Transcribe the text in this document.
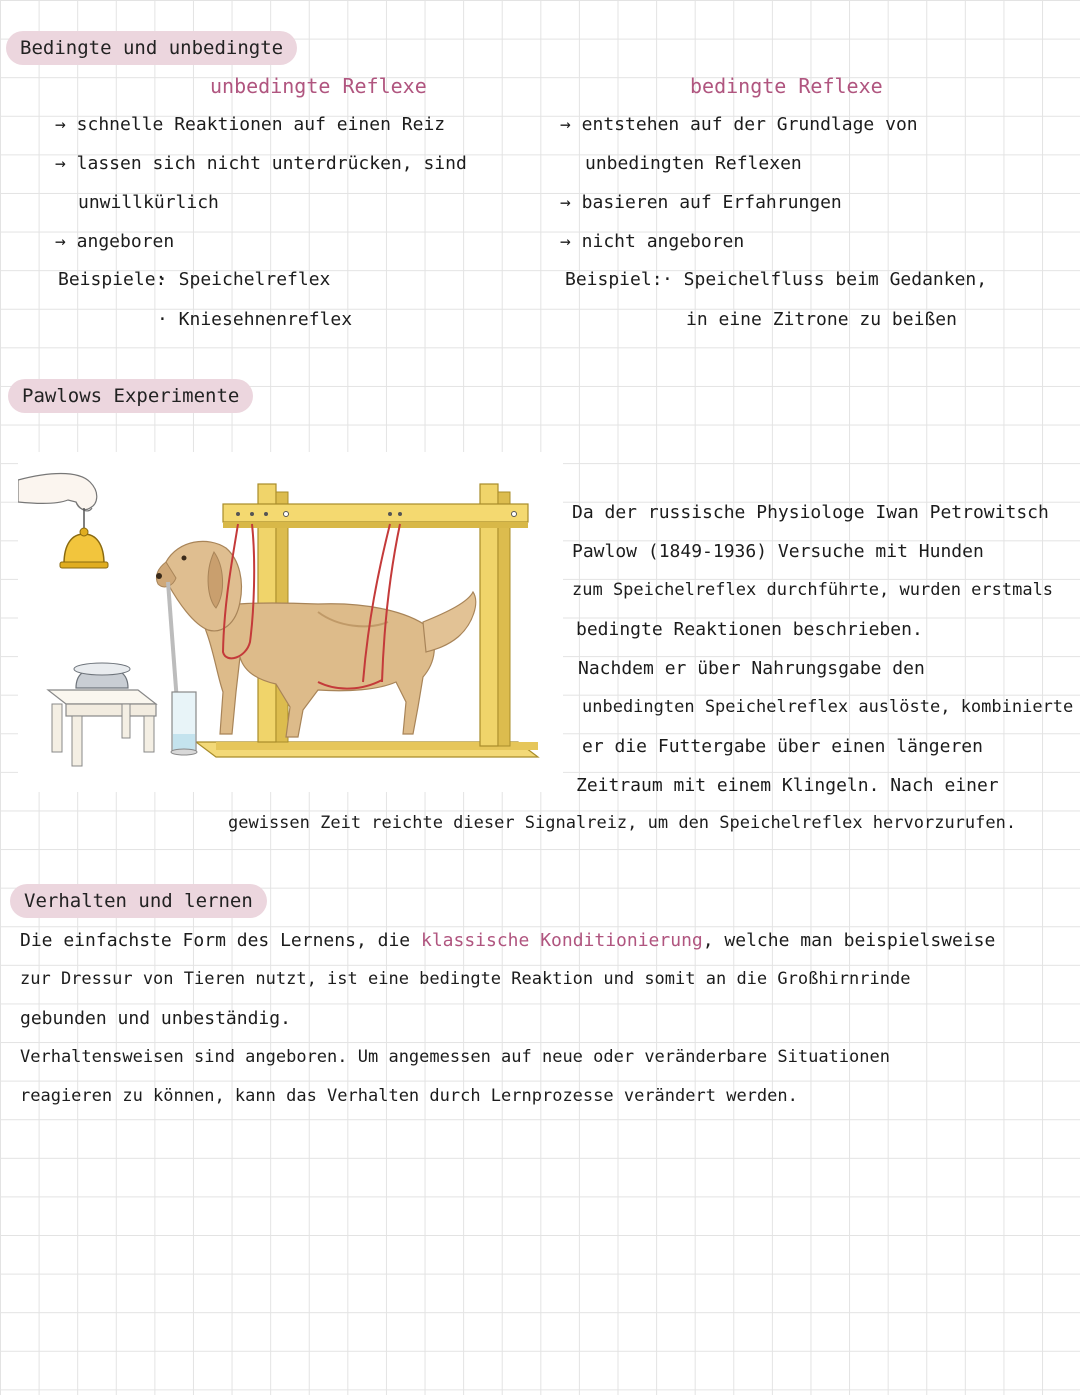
Bedingte und unbedingte
unbedingte Reflexe
→ schnelle Reaktionen auf einen Reiz
→ lassen sich nicht unterdrücken, sind
unwillkürlich
→ angeboren
Beispiele:
· Speichelreflex
· Kniesehnenreflex
bedingte Reflexe
→ entstehen auf der Grundlage von
unbedingten Reflexen
→ basieren auf Erfahrungen
→ nicht angeboren
Beispiel: · Speichelfluss beim Gedanken,
in eine Zitrone zu beißen
Pawlows Experimente
Da der russische Physiologe Iwan Petrowitsch
Pawlow (1849-1936) Versuche mit Hunden
zum Speichelreflex durchführte, wurden erstmals
bedingte Reaktionen beschrieben.
Nachdem er über Nahrungsgabe den
unbedingten Speichelreflex auslöste, kombinierte
er die Futtergabe über einen längeren
Zeitraum mit einem Klingeln. Nach einer
gewissen Zeit reichte dieser Signalreiz, um den Speichelreflex hervorzurufen.
Verhalten und lernen
Die einfachste Form des Lernens, die klassische Konditionierung, welche man beispielsweise
zur Dressur von Tieren nutzt, ist eine bedingte Reaktion und somit an die Großhirnrinde
gebunden und unbeständig.
Verhaltensweisen sind angeboren. Um angemessen auf neue oder veränderbare Situationen
reagieren zu können, kann das Verhalten durch Lernprozesse verändert werden.
